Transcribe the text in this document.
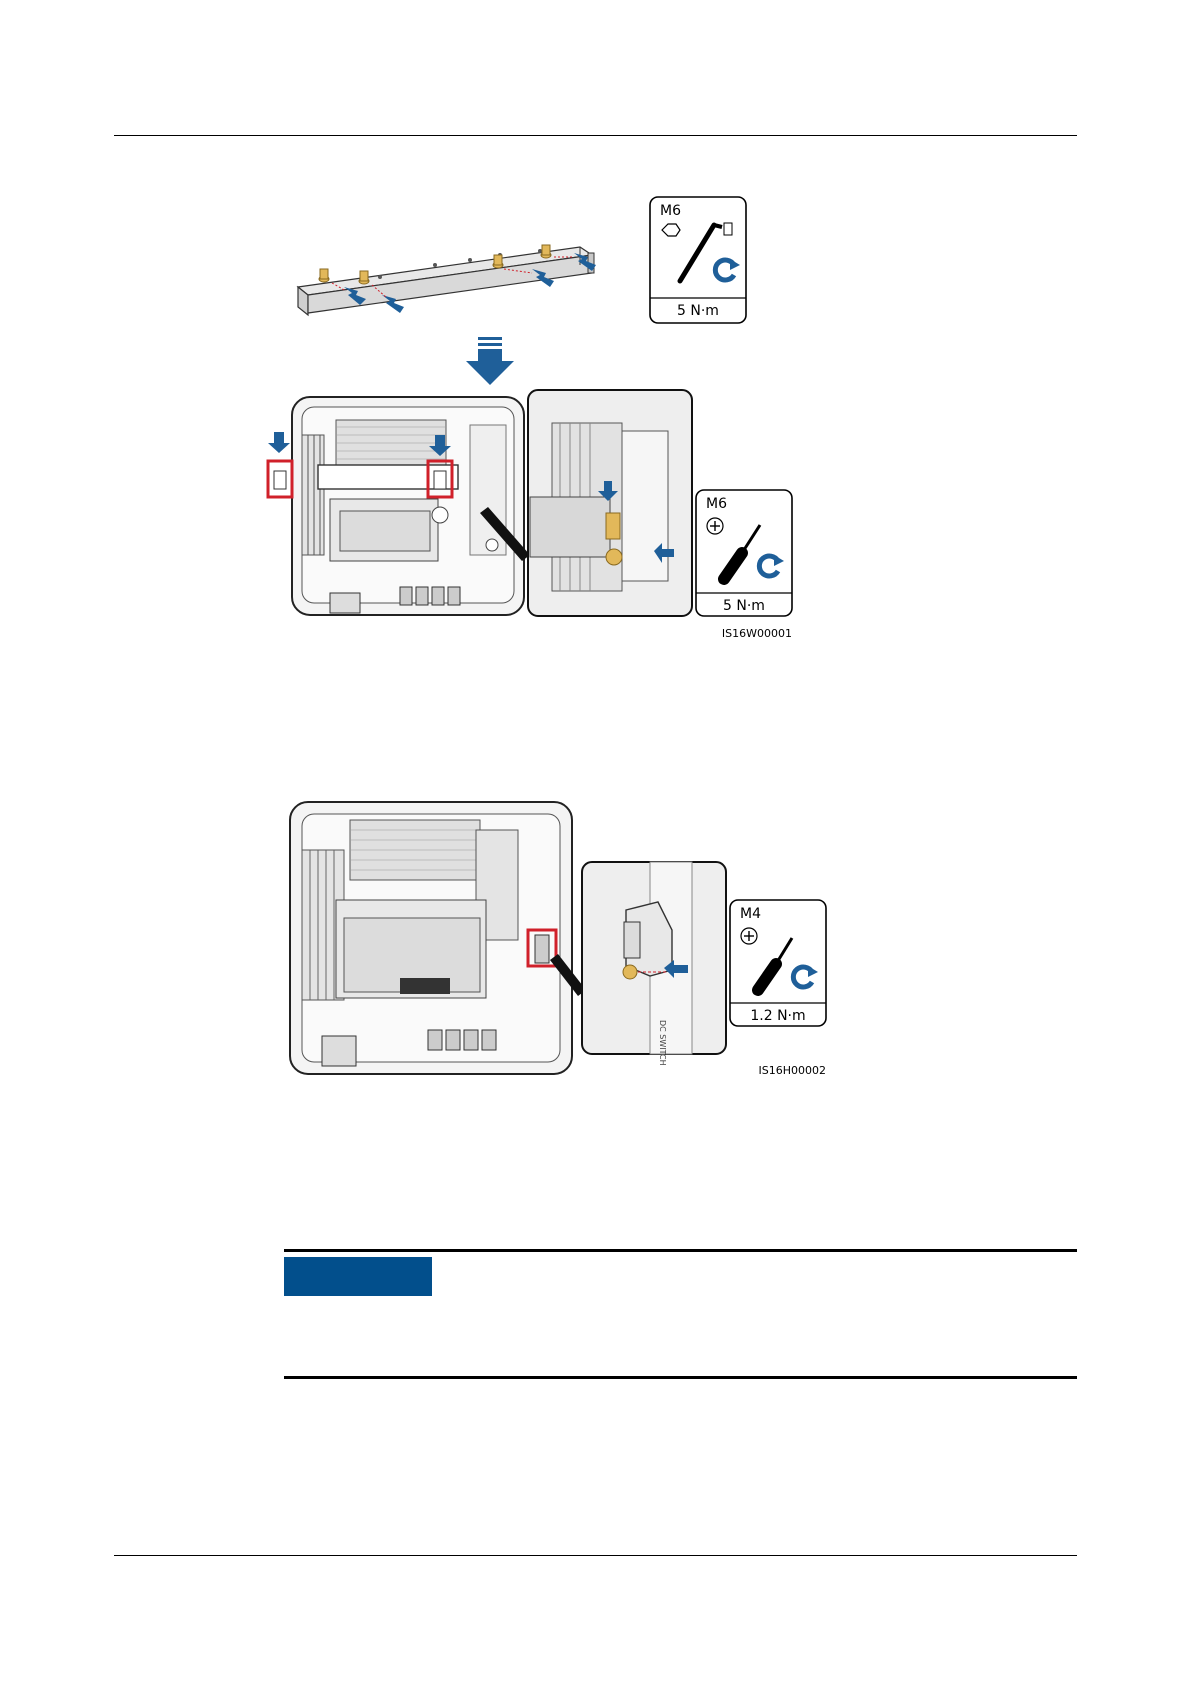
M6
5 N·m
M6
5 N·m
IS16W00001
DC SWITCH
M4
1.2 N·m
IS16H00002
